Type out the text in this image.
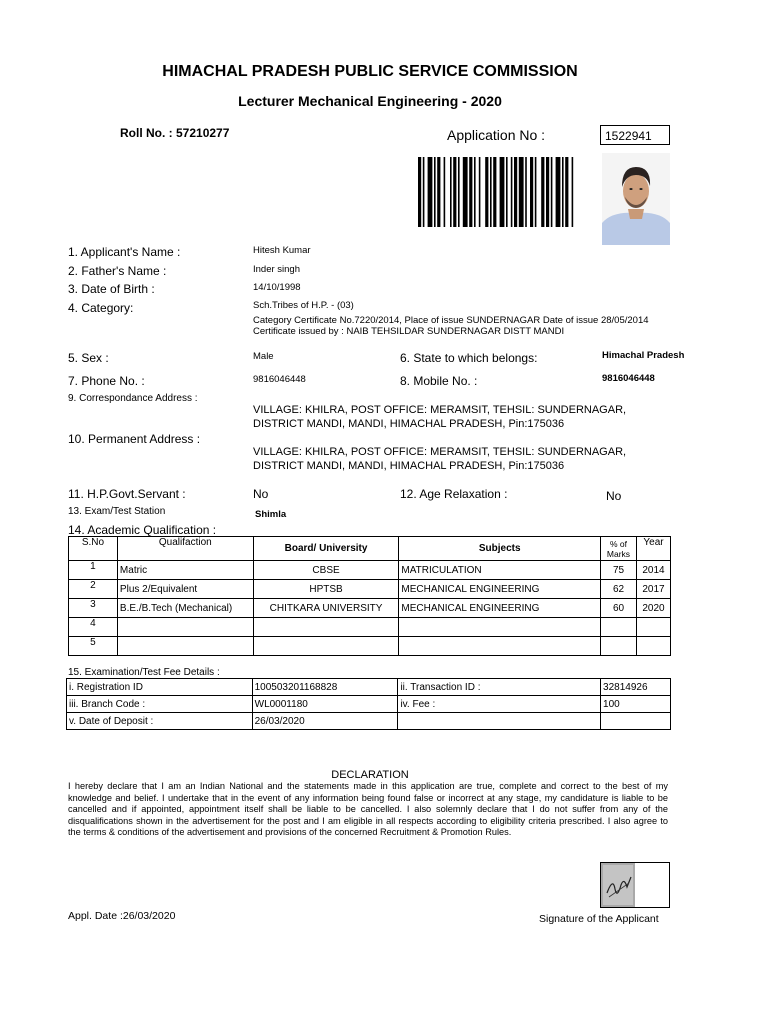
HIMACHAL PRADESH PUBLIC SERVICE COMMISSION
Lecturer Mechanical Engineering - 2020
Roll No. : 57210277	Application No :	1522941
1. Applicant's Name :	Hitesh Kumar
2. Father's Name :	Inder singh
3. Date of Birth :	14/10/1998
4. Category:	Sch.Tribes of H.P. - (03)
Category Certificate No.7220/2014, Place of issue SUNDERNAGAR Date of issue 28/05/2014
Certificate issued by : NAIB TEHSILDAR SUNDERNAGAR DISTT MANDI
5. Sex :	Male	6. State to which belongs:	Himachal Pradesh
7. Phone No. :	9816046448	8. Mobile No. :	9816046448
9. Correspondance Address :
VILLAGE: KHILRA, POST OFFICE: MERAMSIT, TEHSIL: SUNDERNAGAR,
DISTRICT MANDI, MANDI, HIMACHAL PRADESH, Pin:175036
10. Permanent Address :
VILLAGE: KHILRA, POST OFFICE: MERAMSIT, TEHSIL: SUNDERNAGAR,
DISTRICT MANDI, MANDI, HIMACHAL PRADESH, Pin:175036
11. H.P.Govt.Servant :	No	12. Age Relaxation :	No
13. Exam/Test Station	Shimla
14. Academic Qualification :
S.No	Qualifaction	Board/ University	Subjects	% of Marks	Year
1	Matric	CBSE	MATRICULATION	75	2014
2	Plus 2/Equivalent	HPTSB	MECHANICAL ENGINEERING	62	2017
3	B.E./B.Tech (Mechanical)	CHITKARA UNIVERSITY	MECHANICAL ENGINEERING	60	2020
4					
5					
15. Examination/Test Fee Details :
i. Registration ID	100503201168828	ii. Transaction ID :	32814926
iii. Branch Code :	WL0001180	iv. Fee :	100
v. Date of Deposit :	26/03/2020		
DECLARATION
I hereby declare that I am an Indian National and the statements made in this application are true, complete and correct to the best of my knowledge and belief. I undertake that in the event of any information being found false or incorrect at any stage, my candidature is liable to be cancelled and if appointed, appointment itself shall be liable to be cancelled. I also solemnly declare that I do not suffer from any of the disqualifications shown in the advertisement for the post and I am eligible in all respects according to eligibility criteria prescribed. I also agree to the terms & conditions of the advertisement and provisions of the concerned Recruitment & Promotion Rules.
Appl. Date :26/03/2020	Signature of the Applicant
